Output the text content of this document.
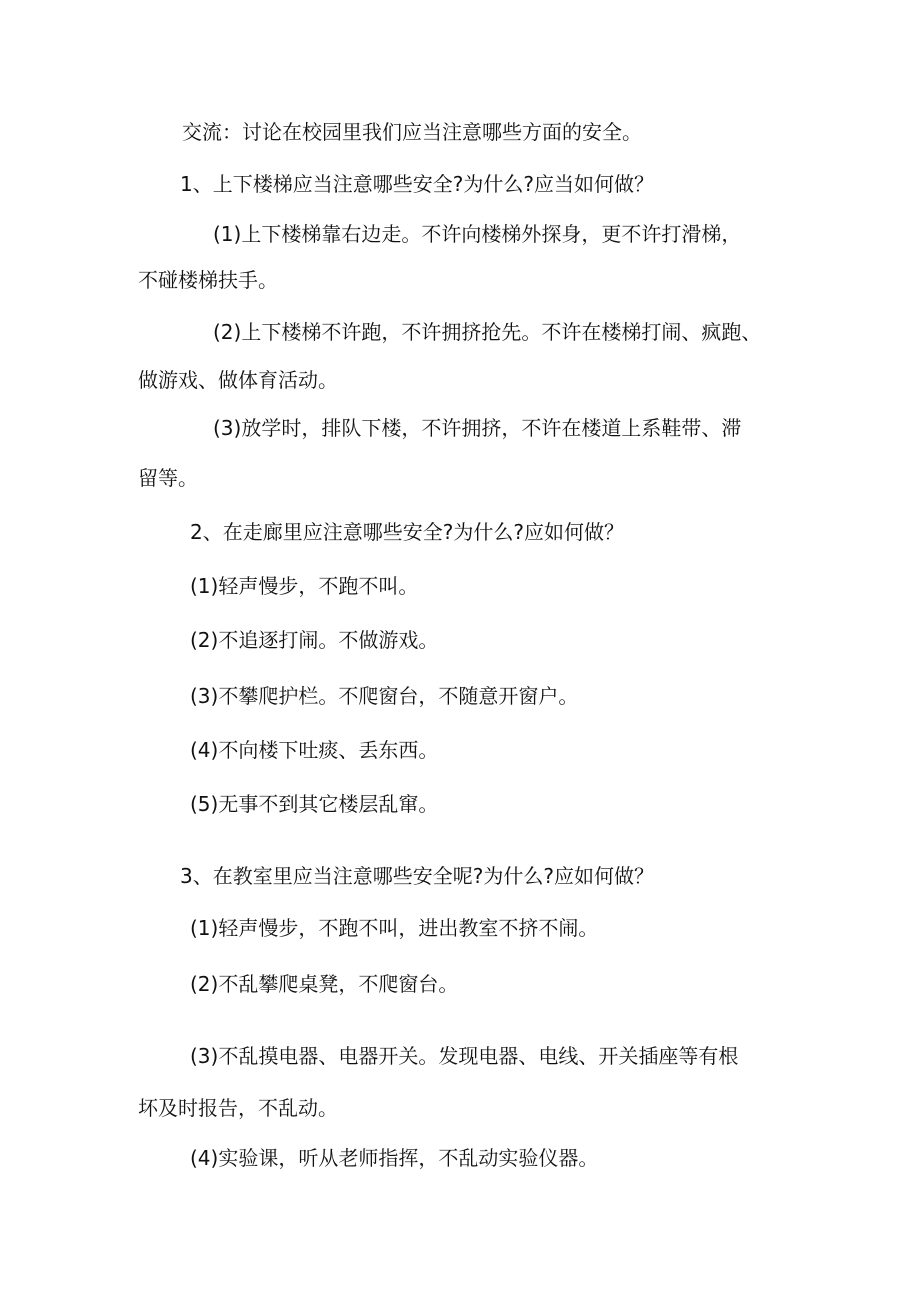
交流：讨论在校园里我们应当注意哪些方面的安全。

1、上下楼梯应当注意哪些安全?为什么?应当如何做？

(1)上下楼梯靠右边走。不许向楼梯外探身，更不许打滑梯，

不碰楼梯扶手。

(2)上下楼梯不许跑，不许拥挤抢先。不许在楼梯打闹、疯跑、

做游戏、做体育活动。

(3)放学时，排队下楼，不许拥挤，不许在楼道上系鞋带、滞

留等。

2、在走廊里应注意哪些安全?为什么?应如何做？

(1)轻声慢步，不跑不叫。

(2)不追逐打闹。不做游戏。

(3)不攀爬护栏。不爬窗台，不随意开窗户。

(4)不向楼下吐痰、丢东西。

(5)无事不到其它楼层乱窜。

3、在教室里应当注意哪些安全呢?为什么?应如何做？

(1)轻声慢步，不跑不叫，进出教室不挤不闹。

(2)不乱攀爬桌凳，不爬窗台。

(3)不乱摸电器、电器开关。发现电器、电线、开关插座等有根

坏及时报告，不乱动。

(4)实验课，听从老师指挥，不乱动实验仪器。
